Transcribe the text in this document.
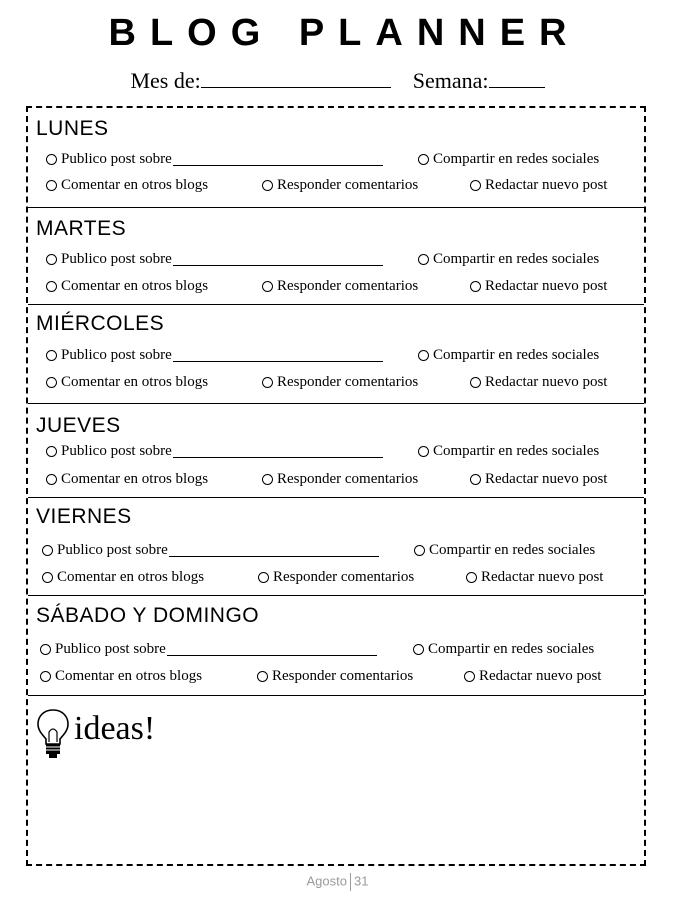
BLOG PLANNER
Mes de:	Semana:
LUNES
Publico post sobre	Compartir en redes sociales
Comentar en otros blogs	Responder comentarios	Redactar nuevo post
MARTES
Publico post sobre	Compartir en redes sociales
Comentar en otros blogs	Responder comentarios	Redactar nuevo post
MIÉRCOLES
Publico post sobre	Compartir en redes sociales
Comentar en otros blogs	Responder comentarios	Redactar nuevo post
JUEVES
Publico post sobre	Compartir en redes sociales
Comentar en otros blogs	Responder comentarios	Redactar nuevo post
VIERNES
Publico post sobre	Compartir en redes sociales
Comentar en otros blogs	Responder comentarios	Redactar nuevo post
SÁBADO Y DOMINGO
Publico post sobre	Compartir en redes sociales
Comentar en otros blogs	Responder comentarios	Redactar nuevo post
ideas!
Agosto 31
